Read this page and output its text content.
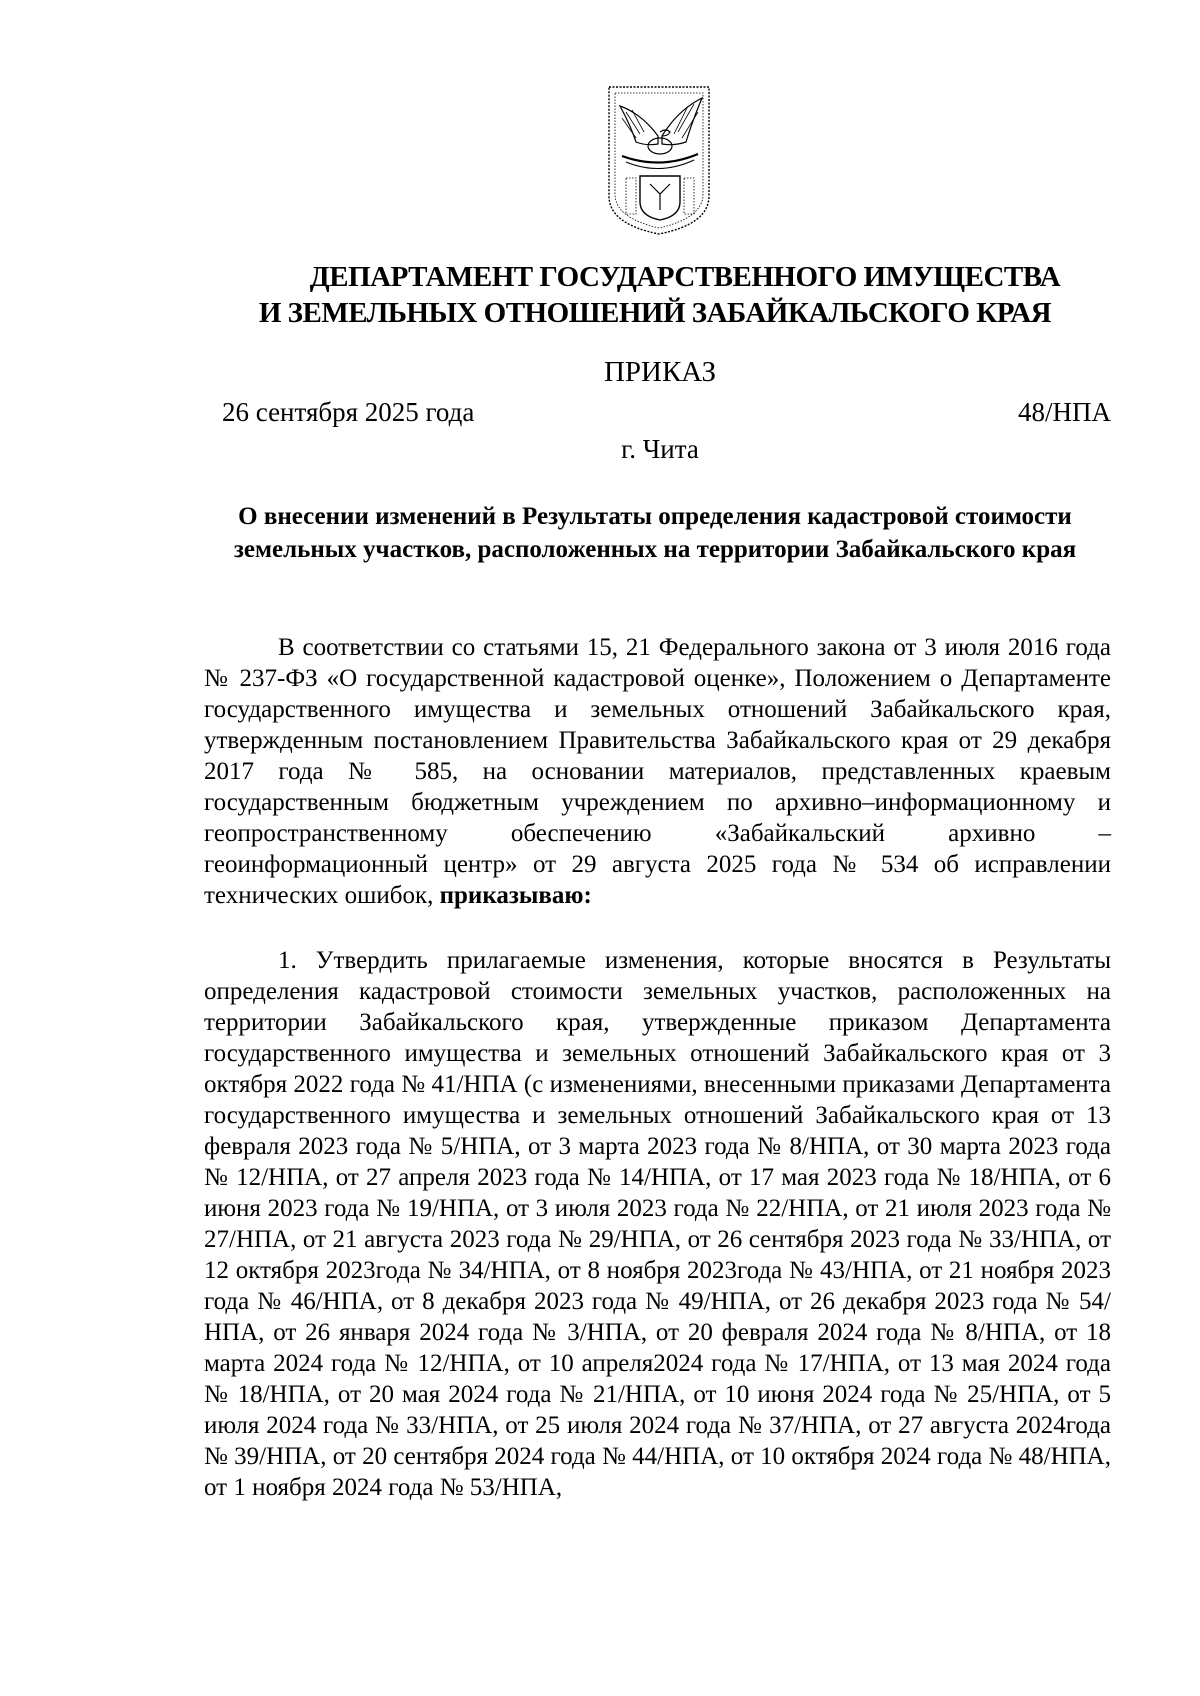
ДЕПАРТАМЕНТ ГОСУДАРСТВЕННОГО ИМУЩЕСТВА
И ЗЕМЕЛЬНЫХ ОТНОШЕНИЙ ЗАБАЙКАЛЬСКОГО КРАЯ
ПРИКАЗ
26 сентября 2025 года	48/НПА
г. Чита
О внесении изменений в Результаты определения кадастровой стоимости
земельных участков, расположенных на территории Забайкальского края
В соответствии со статьями 15, 21 Федерального закона от 3 июля 2016 года № 237-ФЗ «О государственной кадастровой оценке», Положением о Департаменте государственного имущества и земельных отношений Забайкальского края, утвержденным постановлением Правительства Забайкальского края от 29 декабря 2017 года № 585, на основании материалов, представленных краевым государственным бюджетным учреждением по архивно–информационному и геопространственному обеспечению «Забайкальский архивно – геоинформационный центр» от 29 августа 2025 года № 534 об исправлении технических ошибок, приказываю:
1. Утвердить прилагаемые изменения, которые вносятся в Результаты определения кадастровой стоимости земельных участков, расположенных на территории Забайкальского края, утвержденные приказом Департамента государственного имущества и земельных отношений Забайкальского края от 3 октября 2022 года № 41/НПА (с изменениями, внесенными приказами Департамента государственного имущества и земельных отношений Забайкальского края от 13 февраля 2023 года № 5/НПА, от 3 марта 2023 года № 8/НПА, от 30 марта 2023 года № 12/НПА, от 27 апреля 2023 года № 14/НПА, от 17 мая 2023 года № 18/НПА, от 6 июня 2023 года № 19/НПА, от 3 июля 2023 года № 22/НПА, от 21 июля 2023 года № 27/НПА, от 21 августа 2023 года № 29/НПА, от 26 сентября 2023 года № 33/НПА, от 12 октября 2023года № 34/НПА, от 8 ноября 2023года № 43/НПА, от 21 ноября 2023 года № 46/НПА, от 8 декабря 2023 года № 49/НПА, от 26 декабря 2023 года № 54/НПА, от 26 января 2024 года № 3/НПА, от 20 февраля 2024 года № 8/НПА, от 18 марта 2024 года № 12/НПА, от 10 апреля2024 года № 17/НПА, от 13 мая 2024 года № 18/НПА, от 20 мая 2024 года № 21/НПА, от 10 июня 2024 года № 25/НПА, от 5 июля 2024 года № 33/НПА, от 25 июля 2024 года № 37/НПА, от 27 августа 2024года № 39/НПА, от 20 сентября 2024 года № 44/НПА, от 10 октября 2024 года № 48/НПА, от 1 ноября 2024 года № 53/НПА,
